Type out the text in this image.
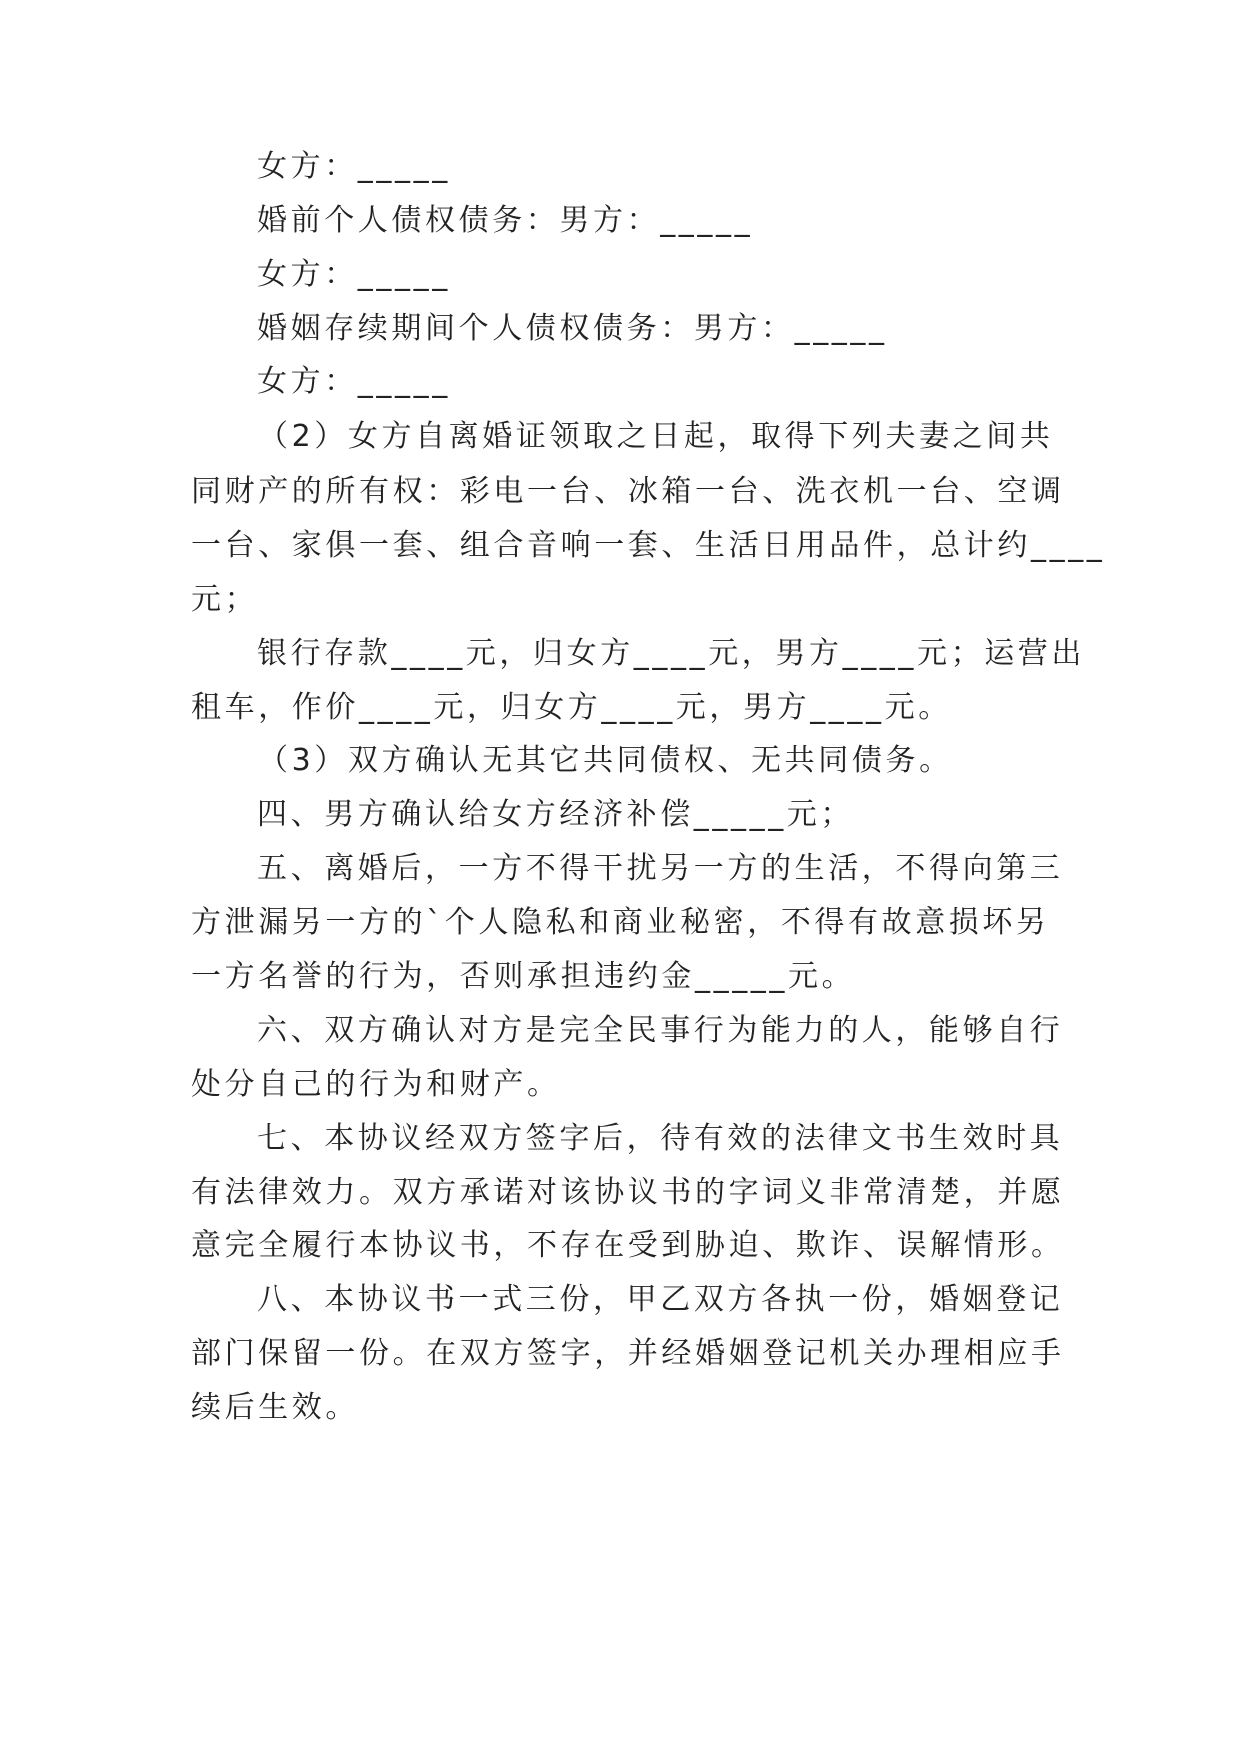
女方：_____

婚前个人债权债务：男方：_____

女方：_____

婚姻存续期间个人债权债务：男方：_____

女方：_____

（2）女方自离婚证领取之日起，取得下列夫妻之间共

同财产的所有权：彩电一台、冰箱一台、洗衣机一台、空调

一台、家俱一套、组合音响一套、生活日用品件，总计约____

元；

银行存款____元，归女方____元，男方____元；运营出

租车，作价____元，归女方____元，男方____元。

（3）双方确认无其它共同债权、无共同债务。

四、男方确认给女方经济补偿_____元；

五、离婚后，一方不得干扰另一方的生活，不得向第三

方泄漏另一方的`个人隐私和商业秘密，不得有故意损坏另

一方名誉的行为，否则承担违约金_____元。

六、双方确认对方是完全民事行为能力的人，能够自行

处分自己的行为和财产。

七、本协议经双方签字后，待有效的法律文书生效时具

有法律效力。双方承诺对该协议书的字词义非常清楚，并愿

意完全履行本协议书，不存在受到胁迫、欺诈、误解情形。

八、本协议书一式三份，甲乙双方各执一份，婚姻登记

部门保留一份。在双方签字，并经婚姻登记机关办理相应手

续后生效。
